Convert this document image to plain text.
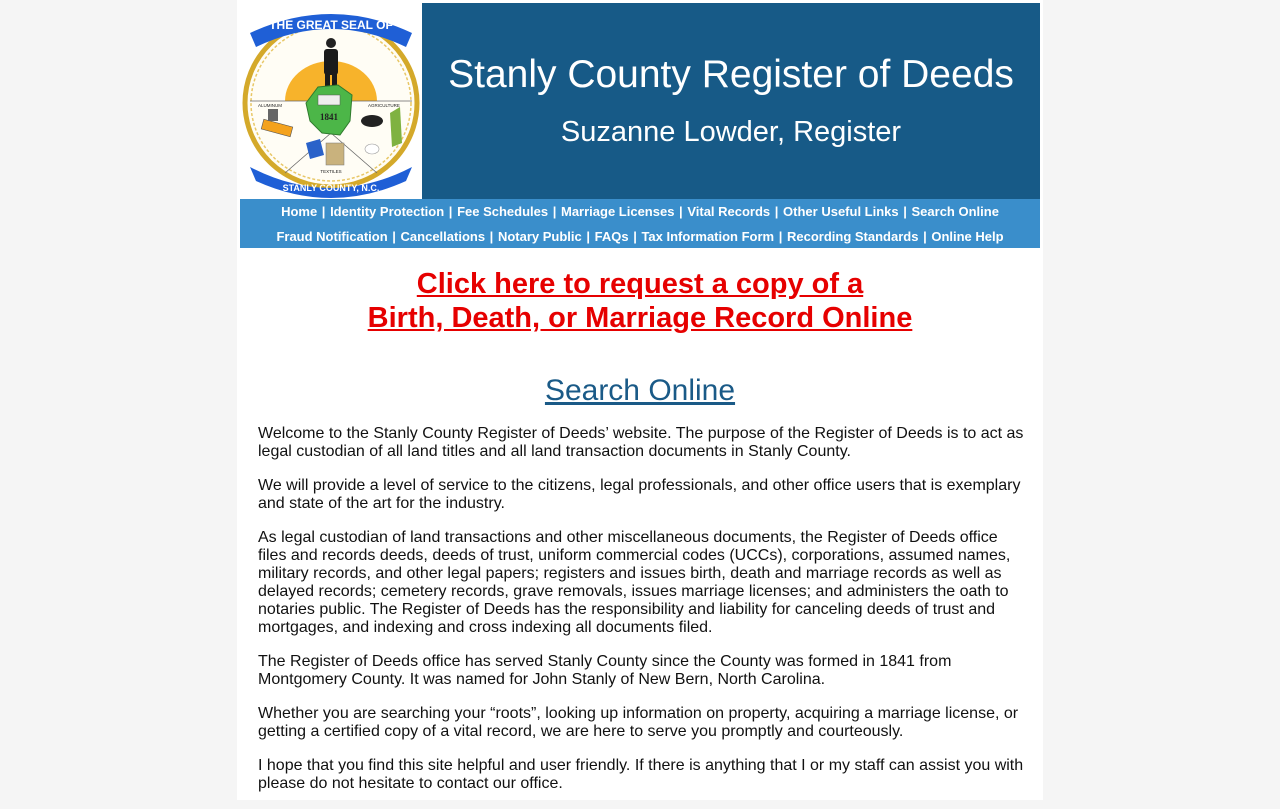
1841
ALUMINUM	AGRICULTURE
TEXTILES
THE GREAT SEAL OF
STANLY COUNTY, N.C.
Stanly County Register of Deeds
Suzanne Lowder, Register
Home | Identity Protection | Fee Schedules | Marriage Licenses | Vital Records | Other Useful Links | Search Online
Fraud Notification | Cancellations | Notary Public | FAQs | Tax Information Form | Recording Standards | Online Help
Click here to request a copy of a
Birth, Death, or Marriage Record Online
Search Online

Welcome to the Stanly County Register of Deeds’ website. The purpose of the Register of Deeds is to act as legal custodian of all land titles and all land transaction documents in Stanly County.

We will provide a level of service to the citizens, legal professionals, and other office users that is exemplary and state of the art for the industry.

As legal custodian of land transactions and other miscellaneous documents, the Register of Deeds office files and records deeds, deeds of trust, uniform commercial codes (UCCs), corporations, assumed names, military records, and other legal papers; registers and issues birth, death and marriage records as well as delayed records; cemetery records, grave removals, issues marriage licenses; and administers the oath to notaries public. The Register of Deeds has the responsibility and liability for canceling deeds of trust and mortgages, and indexing and cross indexing all documents filed.

The Register of Deeds office has served Stanly County since the County was formed in 1841 from Montgomery County. It was named for John Stanly of New Bern, North Carolina.

Whether you are searching your “roots”, looking up information on property, acquiring a marriage license, or getting a certified copy of a vital record, we are here to serve you promptly and courteously.

I hope that you find this site helpful and user friendly. If there is anything that I or my staff can assist you with please do not hesitate to contact our office.
